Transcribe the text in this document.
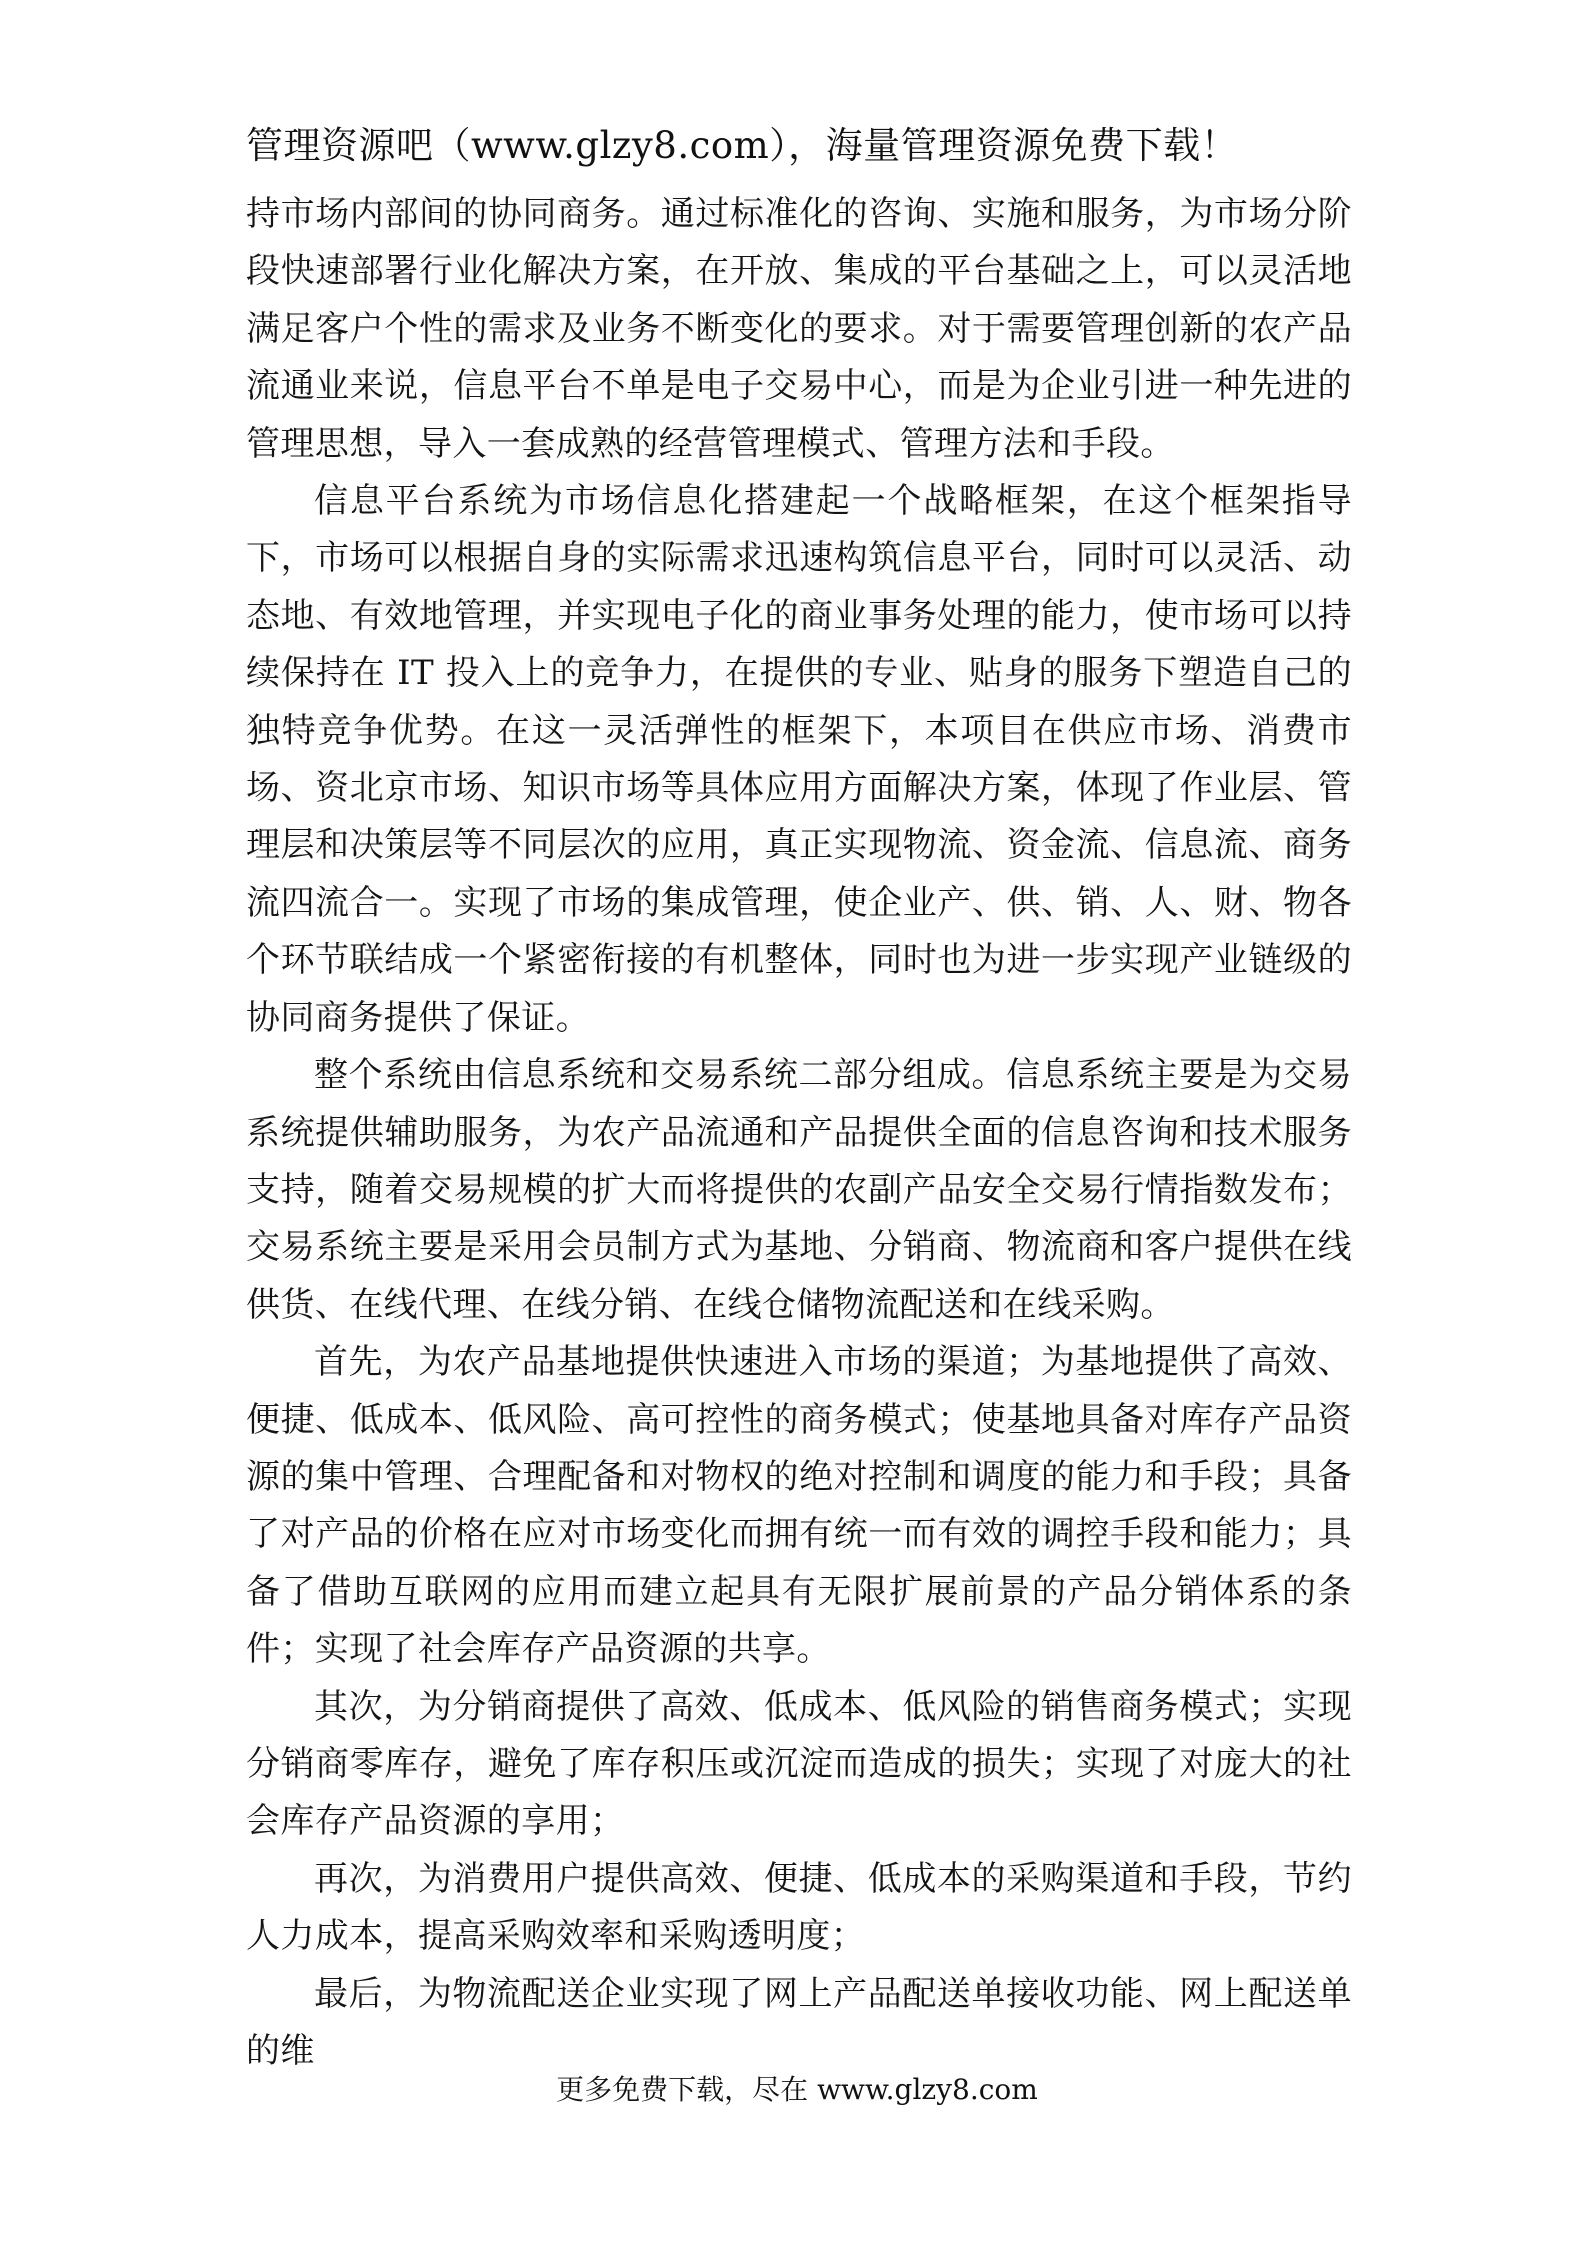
管理资源吧（www.glzy8.com），海量管理资源免费下载！

持市场内部间的协同商务。通过标准化的咨询、实施和服务，为市场分阶段快速部署行业化解决方案，在开放、集成的平台基础之上，可以灵活地满足客户个性的需求及业务不断变化的要求。对于需要管理创新的农产品流通业来说，信息平台不单是电子交易中心，而是为企业引进一种先进的管理思想，导入一套成熟的经营管理模式、管理方法和手段。

信息平台系统为市场信息化搭建起一个战略框架，在这个框架指导下，市场可以根据自身的实际需求迅速构筑信息平台，同时可以灵活、动态地、有效地管理，并实现电子化的商业事务处理的能力，使市场可以持续保持在 IT 投入上的竞争力，在提供的专业、贴身的服务下塑造自己的独特竞争优势。在这一灵活弹性的框架下，本项目在供应市场、消费市场、资北京市场、知识市场等具体应用方面解决方案，体现了作业层、管理层和决策层等不同层次的应用，真正实现物流、资金流、信息流、商务流四流合一。实现了市场的集成管理，使企业产、供、销、人、财、物各个环节联结成一个紧密衔接的有机整体，同时也为进一步实现产业链级的协同商务提供了保证。

整个系统由信息系统和交易系统二部分组成。信息系统主要是为交易系统提供辅助服务，为农产品流通和产品提供全面的信息咨询和技术服务支持，随着交易规模的扩大而将提供的农副产品安全交易行情指数发布；交易系统主要是采用会员制方式为基地、分销商、物流商和客户提供在线供货、在线代理、在线分销、在线仓储物流配送和在线采购。

首先，为农产品基地提供快速进入市场的渠道；为基地提供了高效、便捷、低成本、低风险、高可控性的商务模式；使基地具备对库存产品资源的集中管理、合理配备和对物权的绝对控制和调度的能力和手段；具备了对产品的价格在应对市场变化而拥有统一而有效的调控手段和能力；具备了借助互联网的应用而建立起具有无限扩展前景的产品分销体系的条件；实现了社会库存产品资源的共享。

其次，为分销商提供了高效、低成本、低风险的销售商务模式；实现分销商零库存，避免了库存积压或沉淀而造成的损失；实现了对庞大的社会库存产品资源的享用；

再次，为消费用户提供高效、便捷、低成本的采购渠道和手段，节约人力成本，提高采购效率和采购透明度；

最后，为物流配送企业实现了网上产品配送单接收功能、网上配送单的维

更多免费下载，尽在 www.glzy8.com
